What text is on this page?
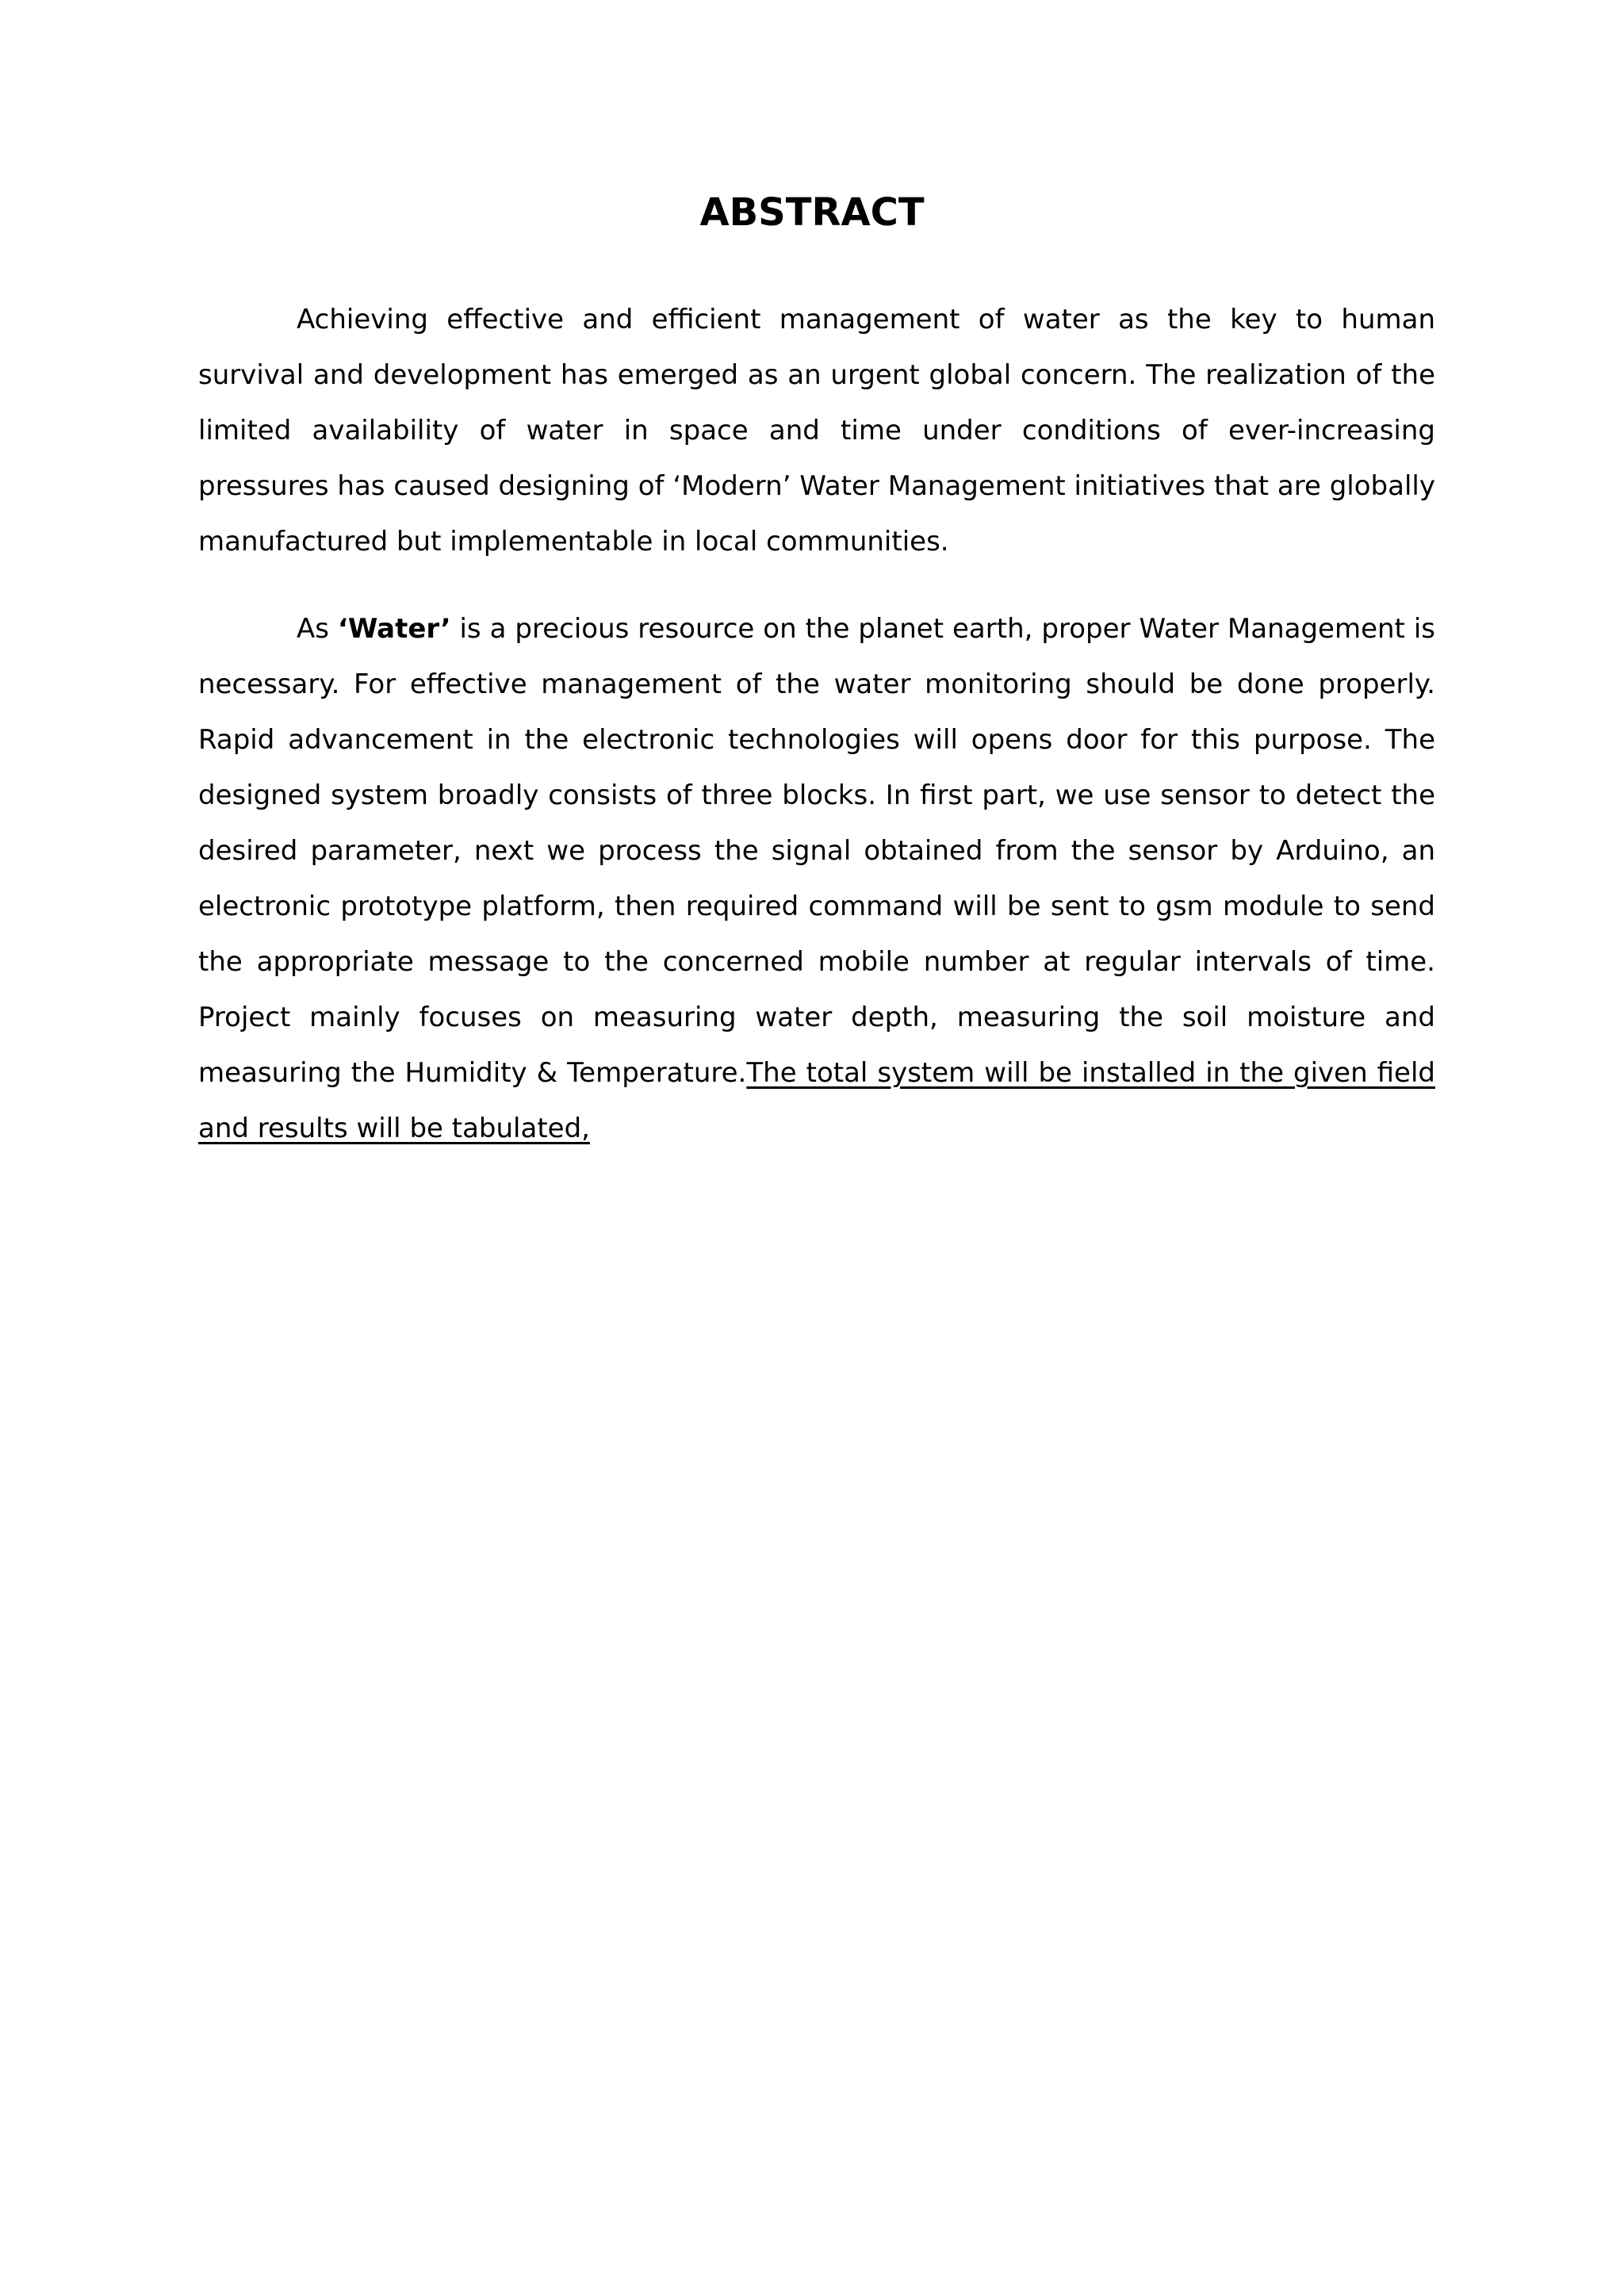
ABSTRACT

Achieving effective and efficient management of water as the key to human survival and development has emerged as an urgent global concern. The realization of the limited availability of water in space and time under conditions of ever-increasing pressures has caused designing of ‘Modern’ Water Management initiatives that are globally manufactured but implementable in local communities.

As ‘Water’ is a precious resource on the planet earth, proper Water Management is necessary. For effective management of the water monitoring should be done properly. Rapid advancement in the electronic technologies will opens door for this purpose. The designed system broadly consists of three blocks. In first part, we use sensor to detect the desired parameter, next we process the signal obtained from the sensor by Arduino, an electronic prototype platform, then required command will be sent to gsm module to send the appropriate message to the concerned mobile number at regular intervals of time. Project mainly focuses on measuring water depth, measuring the soil moisture and measuring the Humidity & Temperature.The total system will be installed in the given field and results will be tabulated,
